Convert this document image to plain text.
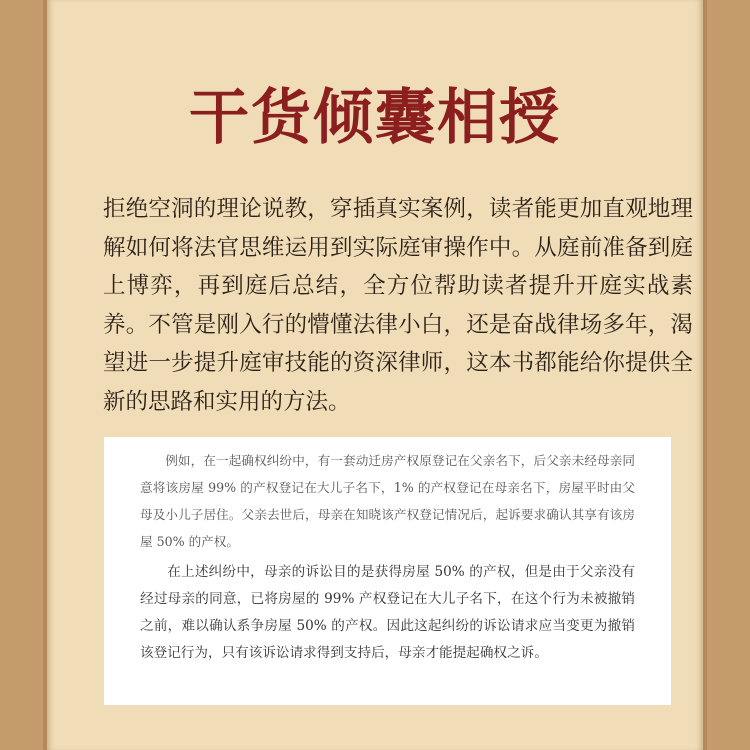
干货倾囊相授
拒绝空洞的理论说教，穿插真实案例，读者能更加直观地理解如何将法官思维运用到实际庭审操作中。从庭前准备到庭上博弈，再到庭后总结，全方位帮助读者提升开庭实战素养。不管是刚入行的懵懂法律小白，还是奋战律场多年，渴望进一步提升庭审技能的资深律师，这本书都能给你提供全新的思路和实用的方法。

例如，在一起确权纠纷中，有一套动迁房产权原登记在父亲名下，后父亲未经母亲同意将该房屋 99% 的产权登记在大儿子名下，1% 的产权登记在母亲名下，房屋平时由父母及小儿子居住。父亲去世后，母亲在知晓该产权登记情况后，起诉要求确认其享有该房屋 50% 的产权。

在上述纠纷中，母亲的诉讼目的是获得房屋 50% 的产权，但是由于父亲没有经过母亲的同意，已将房屋的 99% 产权登记在大儿子名下，在这个行为未被撤销之前，难以确认系争房屋 50% 的产权。因此这起纠纷的诉讼请求应当变更为撤销该登记行为，只有该诉讼请求得到支持后，母亲才能提起确权之诉。
